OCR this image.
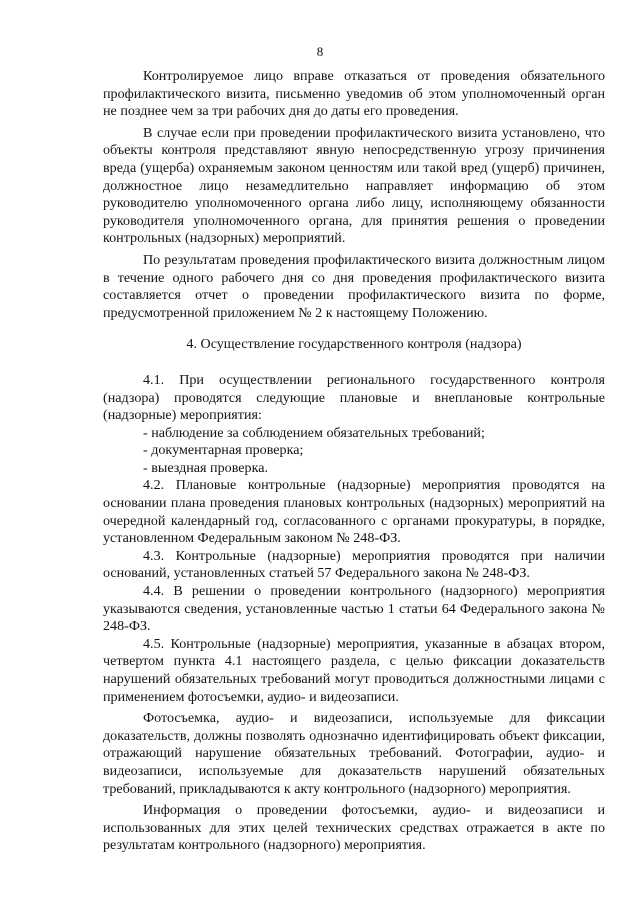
8

Контролируемое лицо вправе отказаться от проведения обязательного профилактического визита, письменно уведомив об этом уполномоченный орган не позднее чем за три рабочих дня до даты его проведения.

В случае если при проведении профилактического визита установлено, что объекты контроля представляют явную непосредственную угрозу причинения вреда (ущерба) охраняемым законом ценностям или такой вред (ущерб) причинен, должностное лицо незамедлительно направляет информацию об этом руководителю уполномоченного органа либо лицу, исполняющему обязанности руководителя уполномоченного органа, для принятия решения о проведении контрольных (надзорных) мероприятий.

По результатам проведения профилактического визита должностным лицом в течение одного рабочего дня со дня проведения профилактического визита составляется отчет о проведении профилактического визита по форме, предусмотренной приложением № 2 к настоящему Положению.

4. Осуществление государственного контроля (надзора)

4.1. При осуществлении регионального государственного контроля (надзора) проводятся следующие плановые и внеплановые контрольные (надзорные) мероприятия:

- наблюдение за соблюдением обязательных требований;
- документарная проверка;
- выездная проверка.

4.2. Плановые контрольные (надзорные) мероприятия проводятся на основании плана проведения плановых контрольных (надзорных) мероприятий на очередной календарный год, согласованного с органами прокуратуры, в порядке, установленном Федеральным законом № 248-ФЗ.

4.3. Контрольные (надзорные) мероприятия проводятся при наличии оснований, установленных статьей 57 Федерального закона № 248-ФЗ.

4.4. В решении о проведении контрольного (надзорного) мероприятия указываются сведения, установленные частью 1 статьи 64 Федерального закона № 248-ФЗ.

4.5. Контрольные (надзорные) мероприятия, указанные в абзацах втором, четвертом пункта 4.1 настоящего раздела, с целью фиксации доказательств нарушений обязательных требований могут проводиться должностными лицами с применением фотосъемки, аудио- и видеозаписи.

Фотосъемка, аудио- и видеозаписи, используемые для фиксации доказательств, должны позволять однозначно идентифицировать объект фиксации, отражающий нарушение обязательных требований. Фотографии, аудио- и видеозаписи, используемые для доказательств нарушений обязательных требований, прикладываются к акту контрольного (надзорного) мероприятия.

Информация о проведении фотосъемки, аудио- и видеозаписи и использованных для этих целей технических средствах отражается в акте по результатам контрольного (надзорного) мероприятия.
